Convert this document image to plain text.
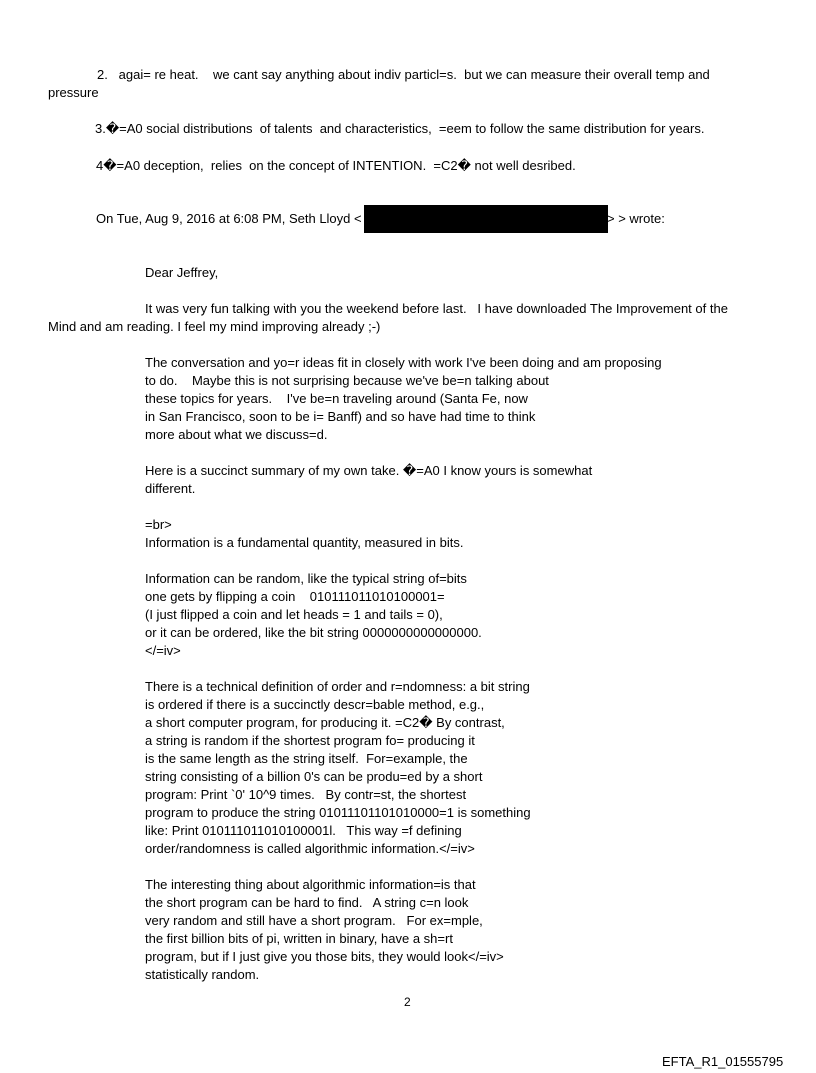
2.   agai= re heat.    we cant say anything about indiv particl=s.  but we can measure their overall temp and
pressure
3.�=A0 social distributions  of talents  and characteristics,  =eem to follow the same distribution for years.
4�=A0 deception,  relies  on the concept of INTENTION.  =C2� not well desribed.
On Tue, Aug 9, 2016 at 6:08 PM, Seth Lloyd <	> > wrote:
Dear Jeffrey,
It was very fun talking with you the weekend before last.   I have downloaded The Improvement of the
Mind and am reading. I feel my mind improving already ;-)
The conversation and yo=r ideas fit in closely with work I've been doing and am proposing
to do.    Maybe this is not surprising because we've be=n talking about
these topics for years.    I've be=n traveling around (Santa Fe, now
in San Francisco, soon to be i= Banff) and so have had time to think
more about what we discuss=d.
Here is a succinct summary of my own take. �=A0 I know yours is somewhat
different.
=br>
Information is a fundamental quantity, measured in bits.
Information can be random, like the typical string of=bits
one gets by flipping a coin    010111011010100001=
(I just flipped a coin and let heads = 1 and tails = 0),
or it can be ordered, like the bit string 0000000000000000.
</=iv>
There is a technical definition of order and r=ndomness: a bit string
is ordered if there is a succinctly descr=bable method, e.g.,
a short computer program, for producing it. =C2� By contrast,
a string is random if the shortest program fo= producing it
is the same length as the string itself.  For=example, the
string consisting of a billion 0's can be produ=ed by a short
program: Print `0' 10^9 times.   By contr=st, the shortest
program to produce the string 01011101101010000=1 is something
like: Print 010111011010100001l.   This way =f defining
order/randomness is called algorithmic information.</=iv>
The interesting thing about algorithmic information=is that
the short program can be hard to find.   A string c=n look
very random and still have a short program.   For ex=mple,
the first billion bits of pi, written in binary, have a sh=rt
program, but if I just give you those bits, they would look</=iv>
statistically random.
2
EFTA_R1_01555795
